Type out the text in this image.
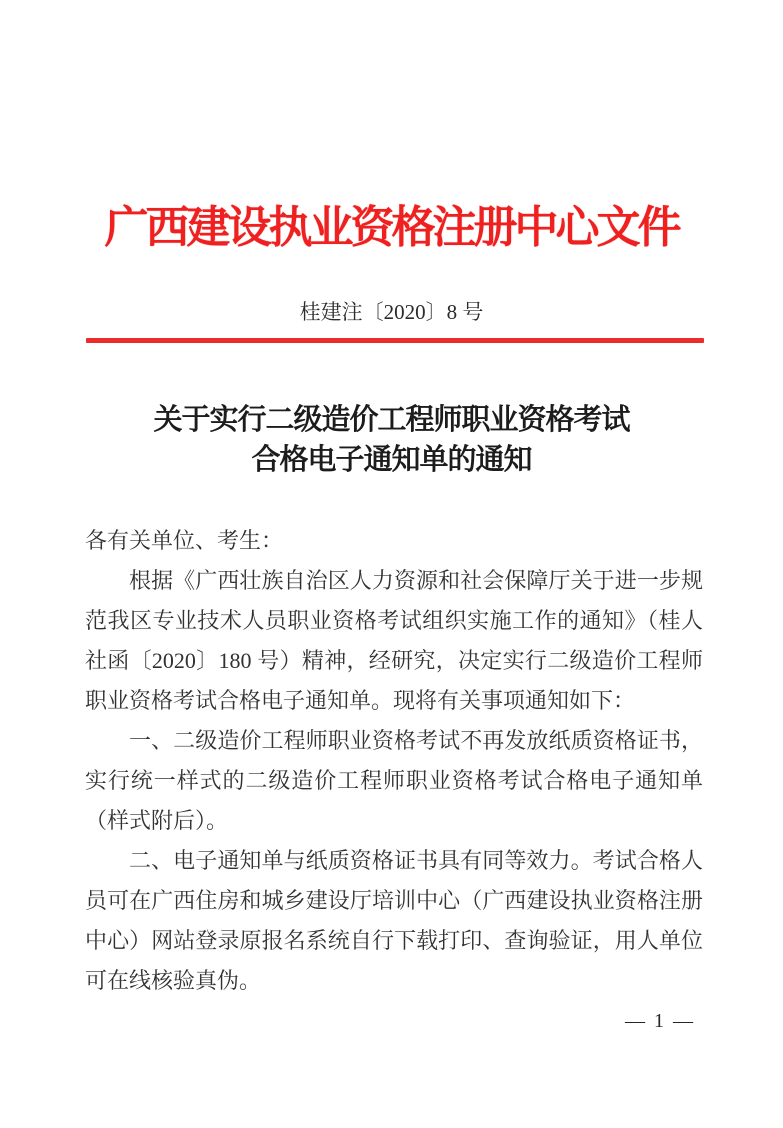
广西建设执业资格注册中心文件
桂建注〔2020〕8 号
关于实行二级造价工程师职业资格考试
合格电子通知单的通知

各有关单位、考生：

根据《广西壮族自治区人力资源和社会保障厅关于进一步规范我区专业技术人员职业资格考试组织实施工作的通知》（桂人社函〔2020〕180 号）精神，经研究，决定实行二级造价工程师职业资格考试合格电子通知单。现将有关事项通知如下：

一、二级造价工程师职业资格考试不再发放纸质资格证书，实行统一样式的二级造价工程师职业资格考试合格电子通知单（样式附后）。

二、电子通知单与纸质资格证书具有同等效力。考试合格人员可在广西住房和城乡建设厅培训中心（广西建设执业资格注册中心）网站登录原报名系统自行下载打印、查询验证，用人单位可在线核验真伪。

— 1 —
